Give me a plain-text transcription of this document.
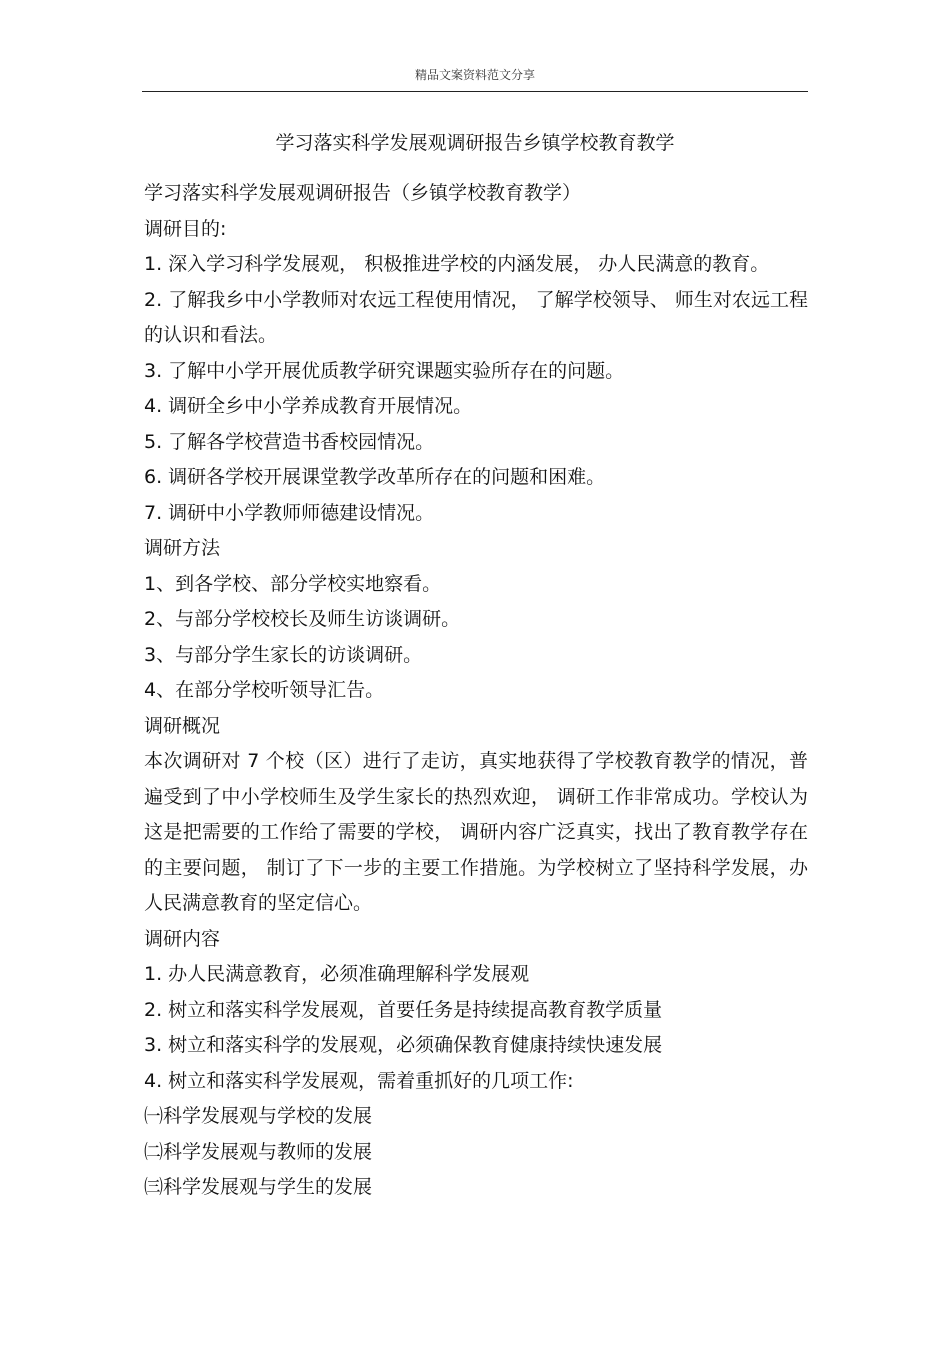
精品文案资料范文分享
学习落实科学发展观调研报告乡镇学校教育教学

学习落实科学发展观调研报告（乡镇学校教育教学）

调研目的:

1. 深入学习科学发展观， 积极推进学校的内涵发展， 办人民满意的教育。

2. 了解我乡中小学教师对农远工程使用情况， 了解学校领导、 师生对农远工程的认识和看法。

3. 了解中小学开展优质教学研究课题实验所存在的问题。

4. 调研全乡中小学养成教育开展情况。

5. 了解各学校营造书香校园情况。

6. 调研各学校开展课堂教学改革所存在的问题和困难。

7. 调研中小学教师师德建设情况。

调研方法

1、到各学校、部分学校实地察看。

2、与部分学校校长及师生访谈调研。

3、与部分学生家长的访谈调研。

4、在部分学校听领导汇告。

调研概况

本次调研对 7 个校（区）进行了走访，真实地获得了学校教育教学的情况，普遍受到了中小学校师生及学生家长的热烈欢迎， 调研工作非常成功。学校认为这是把需要的工作给了需要的学校， 调研内容广泛真实，找出了教育教学存在的主要问题， 制订了下一步的主要工作措施。为学校树立了坚持科学发展，办人民满意教育的坚定信心。

调研内容

1. 办人民满意教育，必须准确理解科学发展观

2. 树立和落实科学发展观，首要任务是持续提高教育教学质量

3. 树立和落实科学的发展观，必须确保教育健康持续快速发展

4. 树立和落实科学发展观，需着重抓好的几项工作:

㈠科学发展观与学校的发展

㈡科学发展观与教师的发展

㈢科学发展观与学生的发展
